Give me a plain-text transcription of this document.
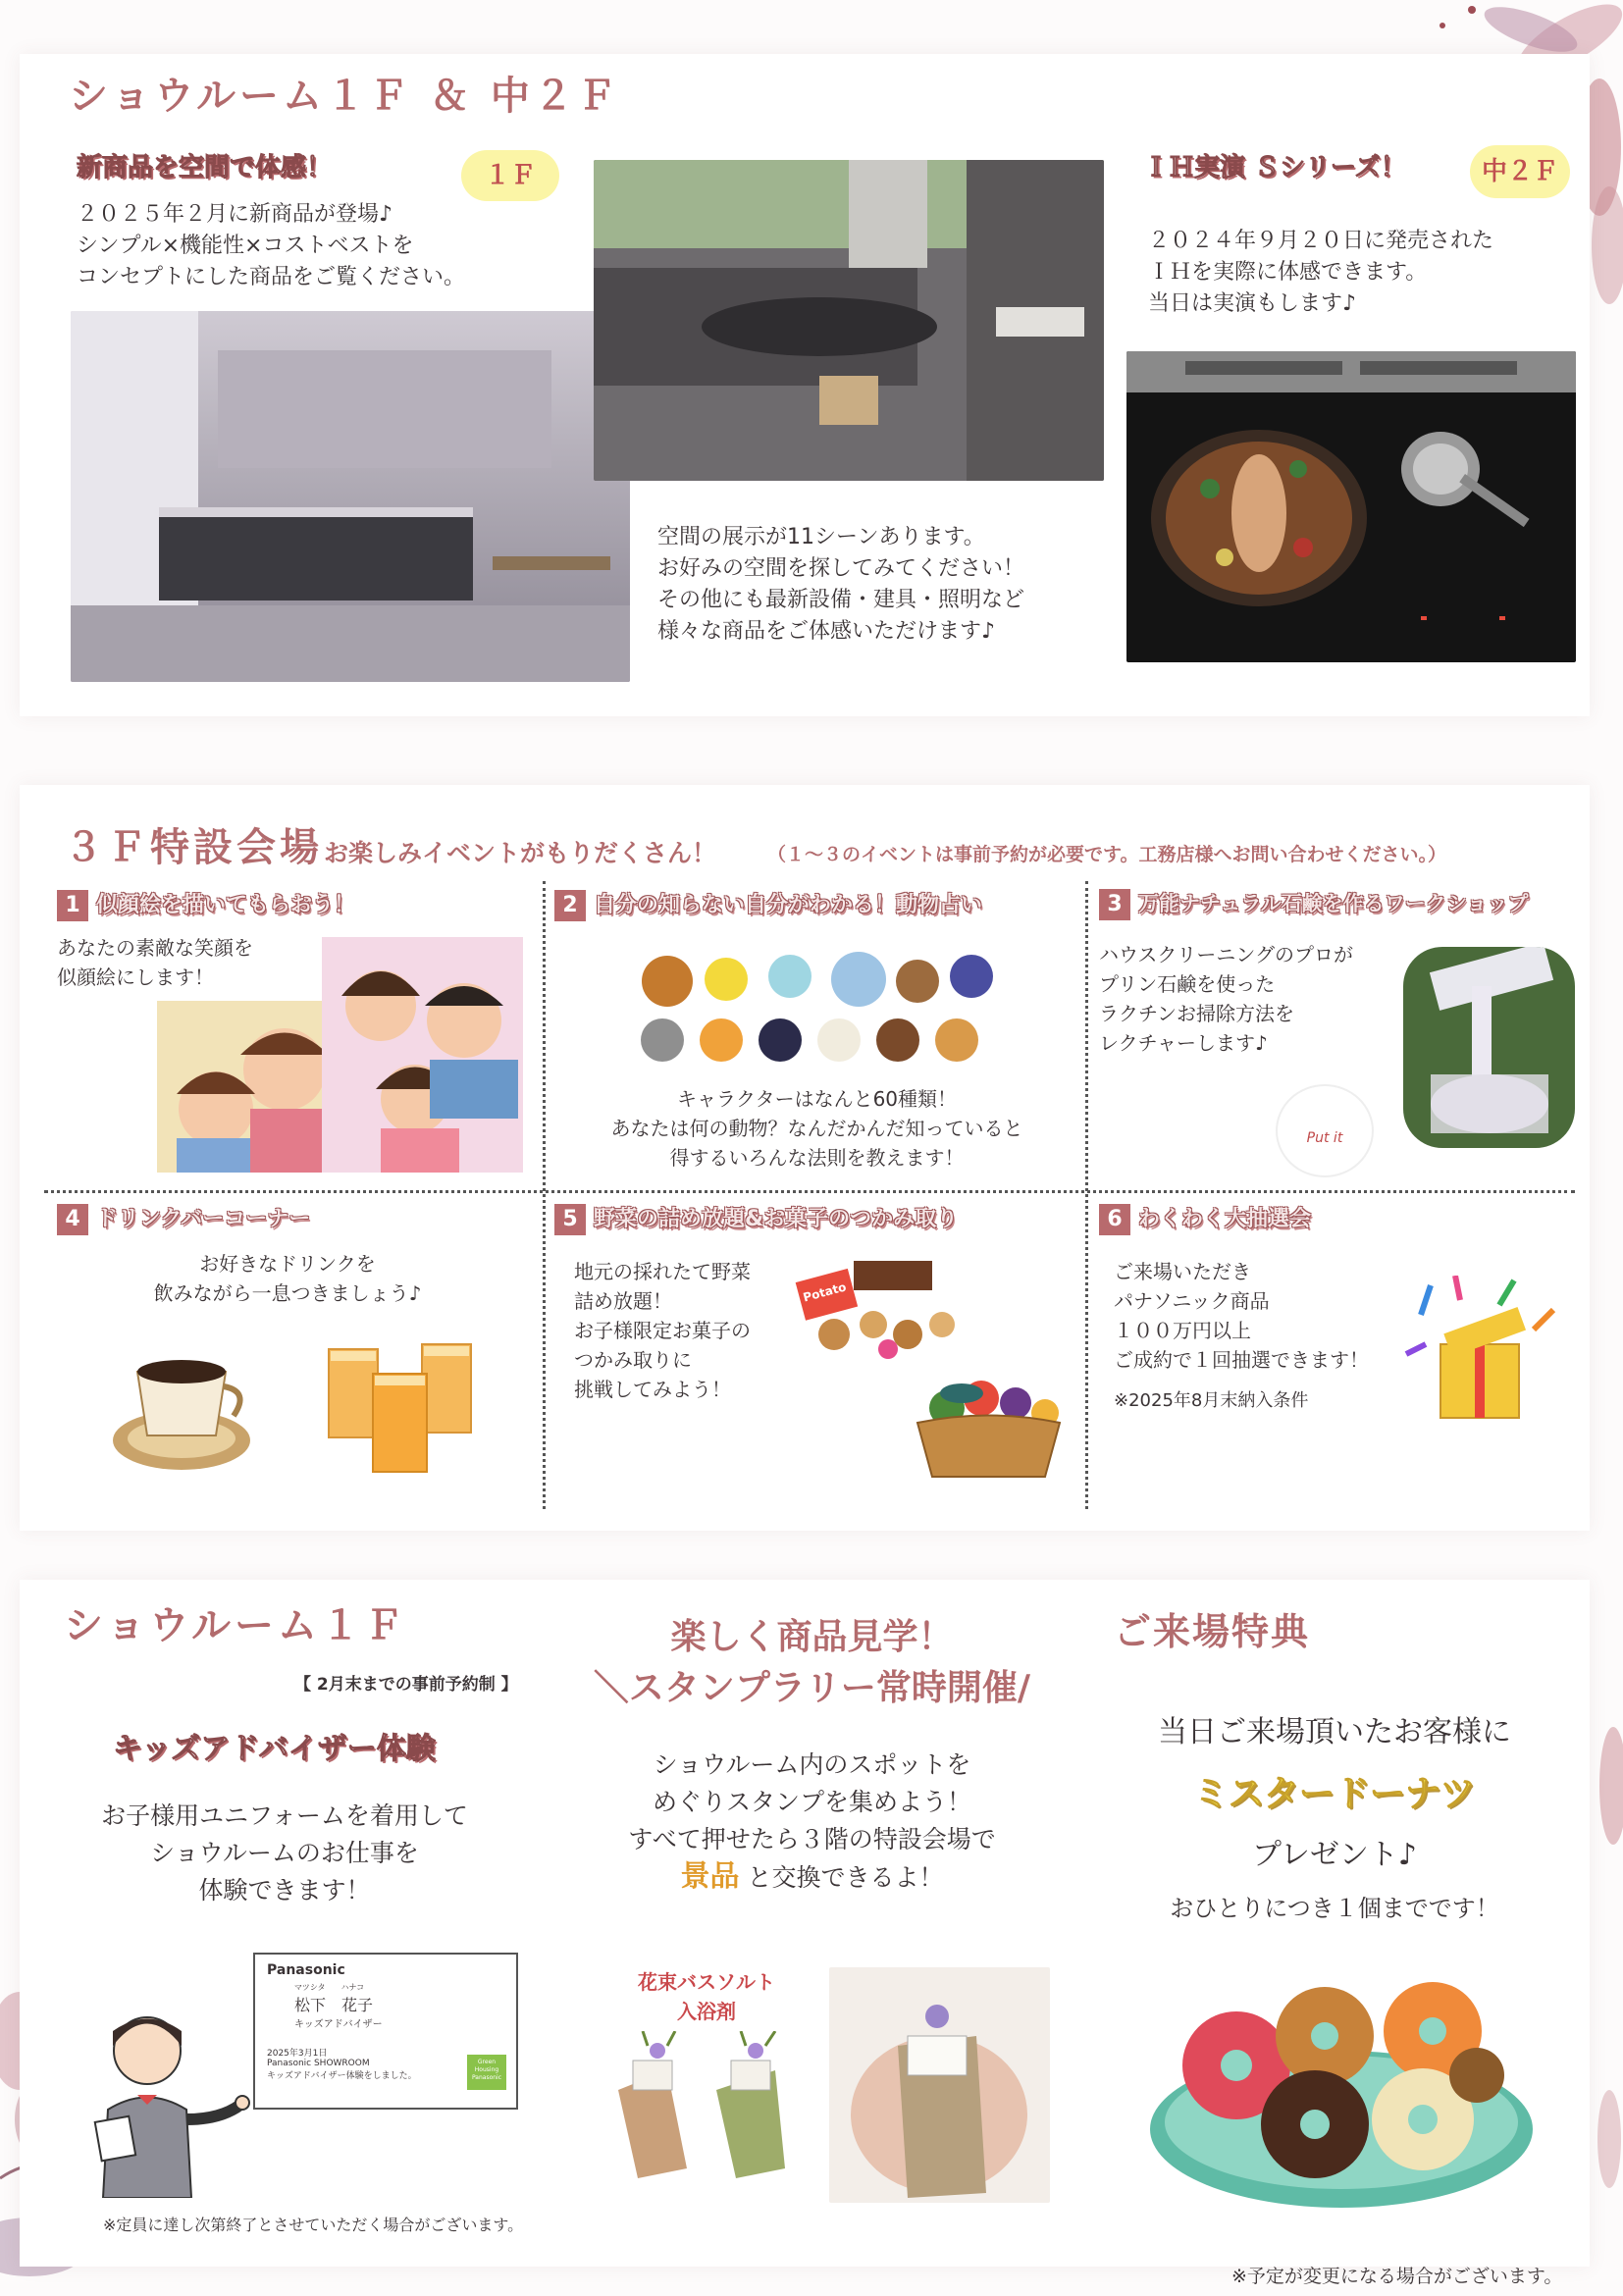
ショウルーム１Ｆ ＆ 中２Ｆ
新商品を空間で体感！	１Ｆ
２０２５年２月に新商品が登場♪
シンプル×機能性×コストベストを
コンセプトにした商品をご覧ください。
空間の展示が11シーンあります。
お好みの空間を探してみてください！
その他にも最新設備・建具・照明など
様々な商品をご体感いただけます♪
ＩＨ実演 Ｓシリーズ！	中２Ｆ
２０２４年９月２０日に発売された
ＩＨを実際に体感できます。
当日は実演もします♪
３Ｆ特設会場 お楽しみイベントがもりだくさん！	（１～３のイベントは事前予約が必要です。工務店様へお問い合わせください。）
1 似顔絵を描いてもらおう！
あなたの素敵な笑顔を
似顔絵にします！
2 自分の知らない自分がわかる！動物占い
キャラクターはなんと60種類！
あなたは何の動物？なんだかんだ知っていると
得するいろんな法則を教えます！
3 万能ナチュラル石鹸を作るワークショップ
ハウスクリーニングのプロが
プリン石鹸を使った
ラクチンお掃除方法を
レクチャーします♪
Put it
4 ドリンクバーコーナー
お好きなドリンクを
飲みながら一息つきましょう♪
5 野菜の詰め放題&お菓子のつかみ取り
地元の採れたて野菜
詰め放題！
お子様限定お菓子の
つかみ取りに
挑戦してみよう！
Potato
6 わくわく大抽選会
ご来場いただき
パナソニック商品
１００万円以上
ご成約で１回抽選できます！
※2025年8月末納入条件
ショウルーム１Ｆ
【 2月末までの事前予約制 】
キッズアドバイザー体験
お子様用ユニフォームを着用して
ショウルームのお仕事を
体験できます！
Panasonic
マツシタ　　ハナコ
松下　花子
キッズアドバイザー
2025年3月1日
Panasonic SHOWROOM
キッズアドバイザー体験をしました。
Green Housing Panasonic
※定員に達し次第終了とさせていただく場合がございます。
楽しく商品見学！
＼スタンプラリー常時開催/
ショウルーム内のスポットを
めぐりスタンプを集めよう！
すべて押せたら３階の特設会場で
景品 と交換できるよ！
花束バスソルト
入浴剤
ご来場特典
当日ご来場頂いたお客様に
ミスタードーナツ
プレゼント♪
おひとりにつき１個までです！
※予定が変更になる場合がございます。
